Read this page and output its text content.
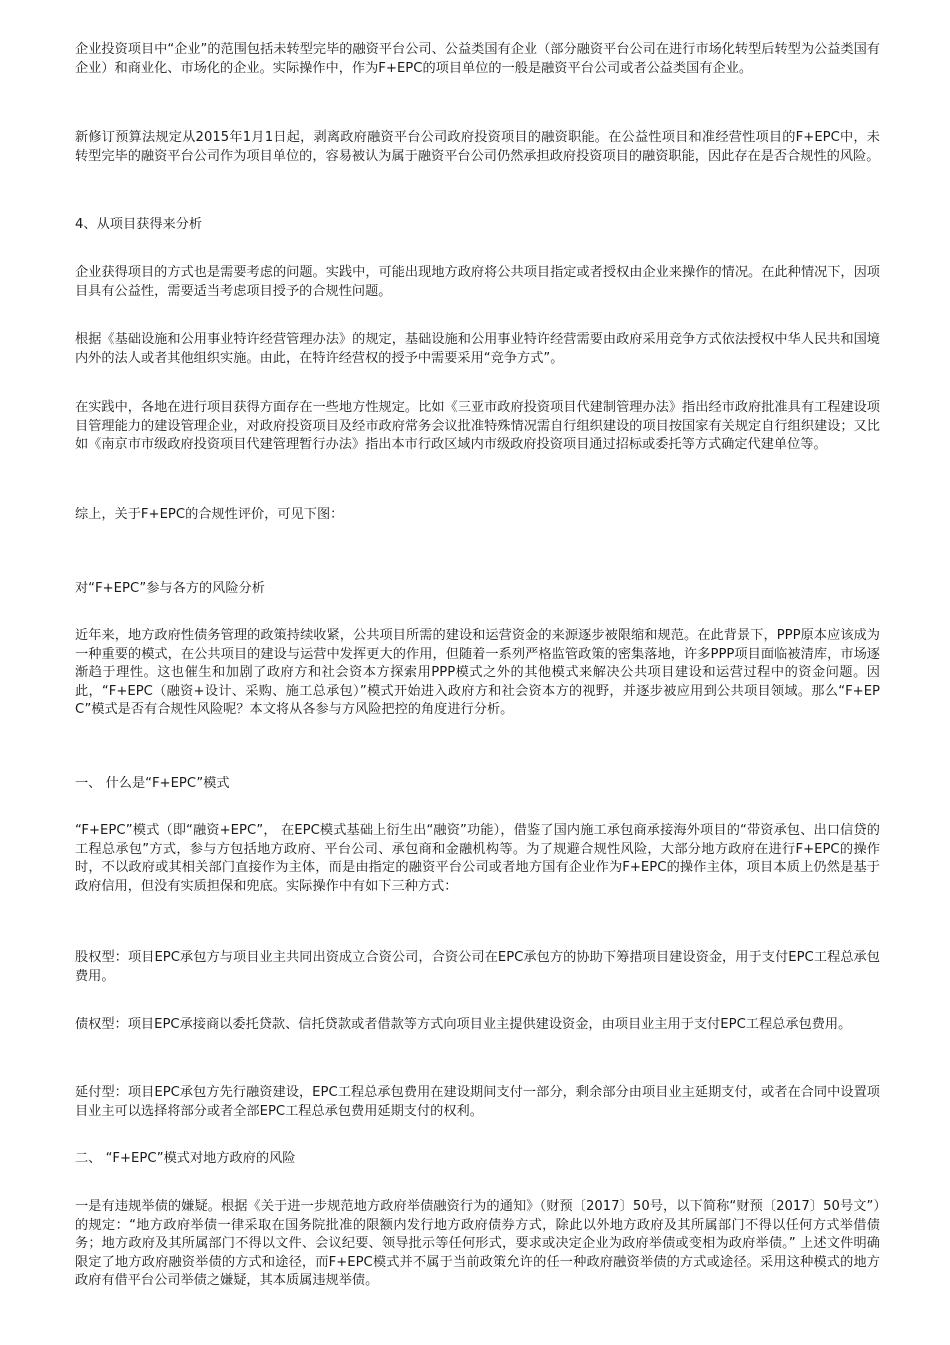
企业投资项目中“企业”的范围包括未转型完毕的融资平台公司、公益类国有企业（部分融资平台公司在进行市场化转型后转型为公益类国有企业）和商业化、市场化的企业。实际操作中，作为F+EPC的项目单位的一般是融资平台公司或者公益类国有企业。

新修订预算法规定从2015年1月1日起，剥离政府融资平台公司政府投资项目的融资职能。在公益性项目和准经营性项目的F+EPC中，未转型完毕的融资平台公司作为项目单位的，容易被认为属于融资平台公司仍然承担政府投资项目的融资职能，因此存在是否合规性的风险。

4、从项目获得来分析

企业获得项目的方式也是需要考虑的问题。实践中，可能出现地方政府将公共项目指定或者授权由企业来操作的情况。在此种情况下，因项目具有公益性，需要适当考虑项目授予的合规性问题。

根据《基础设施和公用事业特许经营管理办法》的规定，基础设施和公用事业特许经营需要由政府采用竞争方式依法授权中华人民共和国境内外的法人或者其他组织实施。由此，在特许经营权的授予中需要采用“竞争方式”。

在实践中，各地在进行项目获得方面存在一些地方性规定。比如《三亚市政府投资项目代建制管理办法》指出经市政府批准具有工程建设项目管理能力的建设管理企业，对政府投资项目及经市政府常务会议批准特殊情况需自行组织建设的项目按国家有关规定自行组织建设；又比如《南京市市级政府投资项目代建管理暂行办法》指出本市行政区域内市级政府投资项目通过招标或委托等方式确定代建单位等。

综上，关于F+EPC的合规性评价，可见下图：

对“F+EPC”参与各方的风险分析

近年来，地方政府性债务管理的政策持续收紧，公共项目所需的建设和运营资金的来源逐步被限缩和规范。在此背景下，PPP原本应该成为一种重要的模式，在公共项目的建设与运营中发挥更大的作用，但随着一系列严格监管政策的密集落地，许多PPP项目面临被清库，市场逐渐趋于理性。这也催生和加剧了政府方和社会资本方探索用PPP模式之外的其他模式来解决公共项目建设和运营过程中的资金问题。因此，“F+EPC（融资+设计、采购、施工总承包）”模式开始进入政府方和社会资本方的视野，并逐步被应用到公共项目领域。那么“F+EPC”模式是否有合规性风险呢？本文将从各参与方风险把控的角度进行分析。

一、 什么是“F+EPC”模式

“F+EPC”模式（即“融资+EPC”， 在EPC模式基础上衍生出“融资”功能），借鉴了国内施工承包商承接海外项目的“带资承包、出口信贷的工程总承包”方式，参与方包括地方政府、平台公司、承包商和金融机构等。为了规避合规性风险，大部分地方政府在进行F+EPC的操作时，不以政府或其相关部门直接作为主体，而是由指定的融资平台公司或者地方国有企业作为F+EPC的操作主体，项目本质上仍然是基于政府信用，但没有实质担保和兜底。实际操作中有如下三种方式：

股权型：项目EPC承包方与项目业主共同出资成立合资公司，合资公司在EPC承包方的协助下筹措项目建设资金，用于支付EPC工程总承包费用。

债权型：项目EPC承接商以委托贷款、信托贷款或者借款等方式向项目业主提供建设资金，由项目业主用于支付EPC工程总承包费用。

延付型：项目EPC承包方先行融资建设，EPC工程总承包费用在建设期间支付一部分，剩余部分由项目业主延期支付，或者在合同中设置项目业主可以选择将部分或者全部EPC工程总承包费用延期支付的权利。

二、 “F+EPC”模式对地方政府的风险

一是有违规举债的嫌疑。根据《关于进一步规范地方政府举债融资行为的通知》（财预〔2017〕50号，以下简称“财预〔2017〕50号文”）的规定：“地方政府举债一律采取在国务院批准的限额内发行地方政府债券方式，除此以外地方政府及其所属部门不得以任何方式举借债务；地方政府及其所属部门不得以文件、会议纪要、领导批示等任何形式，要求或决定企业为政府举债或变相为政府举债。” 上述文件明确限定了地方政府融资举债的方式和途径，而F+EPC模式并不属于当前政策允许的任一种政府融资举债的方式或途径。采用这种模式的地方政府有借平台公司举债之嫌疑，其本质属违规举债。
